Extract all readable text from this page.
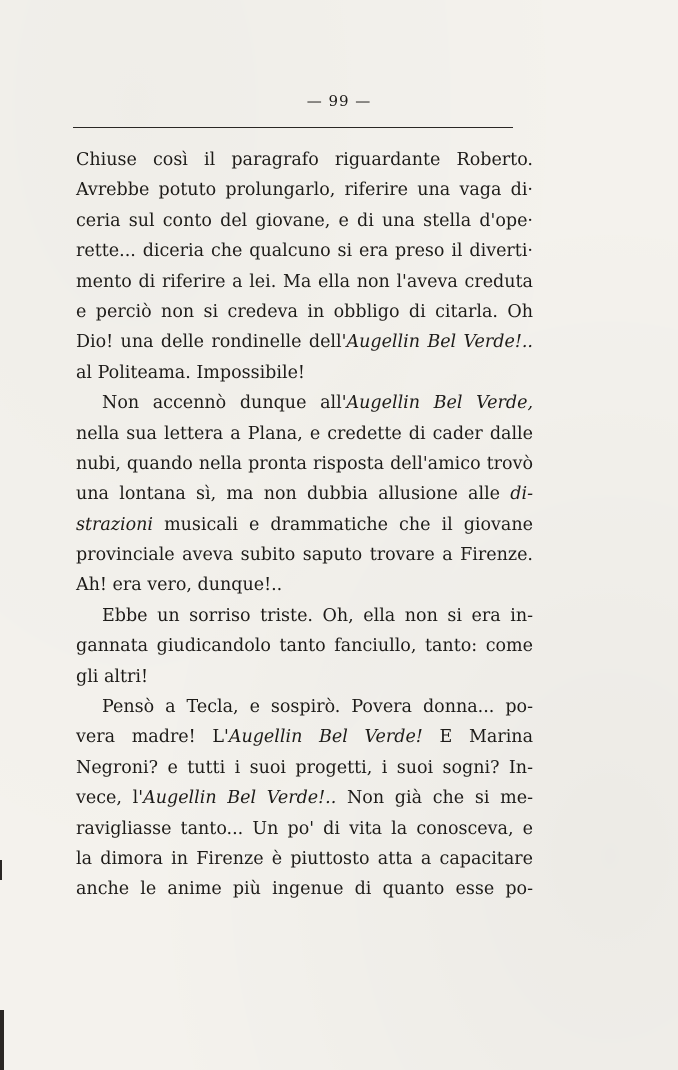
— 99 —
Chiuse così il paragrafo riguardante Roberto.
Avrebbe potuto prolungarlo, riferire una vaga di·
ceria sul conto del giovane, e di una stella d'ope·
rette... diceria che qualcuno si era preso il diverti·
mento di riferire a lei. Ma ella non l'aveva creduta
e perciò non si credeva in obbligo di citarla. Oh
Dio! una delle rondinelle dell'Augellin Bel Verde!..
al Politeama. Impossibile!
Non accennò dunque all'Augellin Bel Verde,
nella sua lettera a Plana, e credette di cader dalle
nubi, quando nella pronta risposta dell'amico trovò
una lontana sì, ma non dubbia allusione alle di-
strazioni musicali e drammatiche che il giovane
provinciale aveva subito saputo trovare a Firenze.
Ah! era vero, dunque!..
Ebbe un sorriso triste. Oh, ella non si era in-
gannata giudicandolo tanto fanciullo, tanto: come
gli altri!
Pensò a Tecla, e sospirò. Povera donna... po-
vera madre! L'Augellin Bel Verde! E Marina
Negroni? e tutti i suoi progetti, i suoi sogni? In-
vece, l'Augellin Bel Verde!.. Non già che si me-
ravigliasse tanto... Un po' di vita la conosceva, e
la dimora in Firenze è piuttosto atta a capacitare
anche le anime più ingenue di quanto esse po-
